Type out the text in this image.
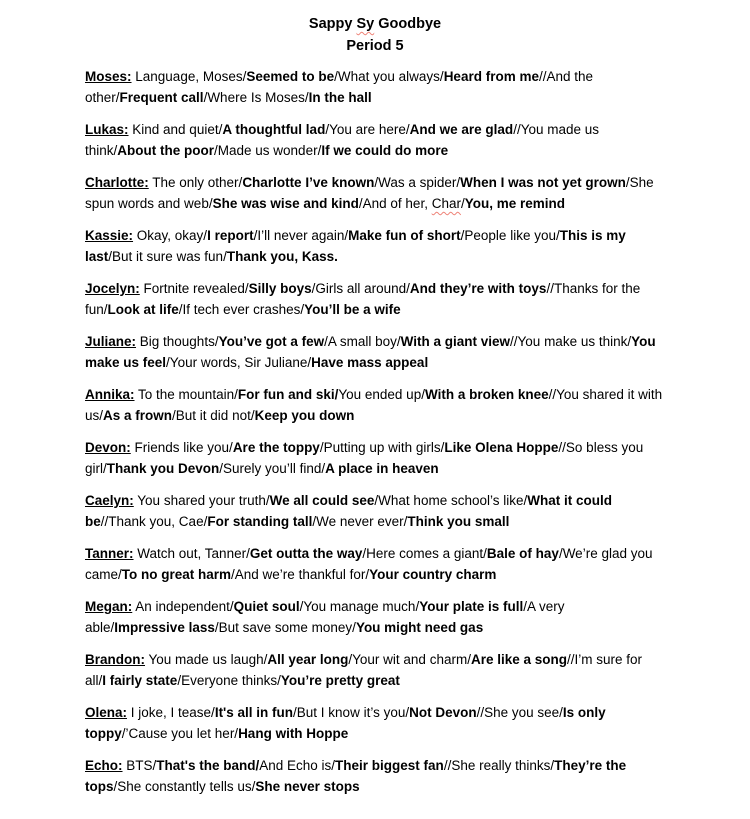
Sappy Sy Goodbye
Period 5
Moses: Language, Moses/Seemed to be/What you always/Heard from me//And the other/Frequent call/Where Is Moses/In the hall
Lukas: Kind and quiet/A thoughtful lad/You are here/And we are glad//You made us think/About the poor/Made us wonder/If we could do more
Charlotte: The only other/Charlotte I’ve known/Was a spider/When I was not yet grown/She spun words and web/She was wise and kind/And of her, Char/You, me remind
Kassie: Okay, okay/I report/I’ll never again/Make fun of short/People like you/This is my last/But it sure was fun/Thank you, Kass.
Jocelyn: Fortnite revealed/Silly boys/Girls all around/And they’re with toys//Thanks for the fun/Look at life/If tech ever crashes/You’ll be a wife
Juliane: Big thoughts/You’ve got a few/A small boy/With a giant view//You make us think/You make us feel/Your words, Sir Juliane/Have mass appeal
Annika: To the mountain/For fun and ski/You ended up/With a broken knee//You shared it with us/As a frown/But it did not/Keep you down
Devon: Friends like you/Are the toppy/Putting up with girls/Like Olena Hoppe//So bless you girl/Thank you Devon/Surely you’ll find/A place in heaven
Caelyn: You shared your truth/We all could see/What home school’s like/What it could be//Thank you, Cae/For standing tall/We never ever/Think you small
Tanner: Watch out, Tanner/Get outta the way/Here comes a giant/Bale of hay/We’re glad you came/To no great harm/And we’re thankful for/Your country charm
Megan: An independent/Quiet soul/You manage much/Your plate is full/A very able/Impressive lass/But save some money/You might need gas
Brandon: You made us laugh/All year long/Your wit and charm/Are like a song//I’m sure for all/I fairly state/Everyone thinks/You’re pretty great
Olena: I joke, I tease/It's all in fun/But I know it’s you/Not Devon//She you see/Is only toppy/’Cause you let her/Hang with Hoppe
Echo: BTS/That's the band/And Echo is/Their biggest fan//She really thinks/They’re the tops/She constantly tells us/She never stops
